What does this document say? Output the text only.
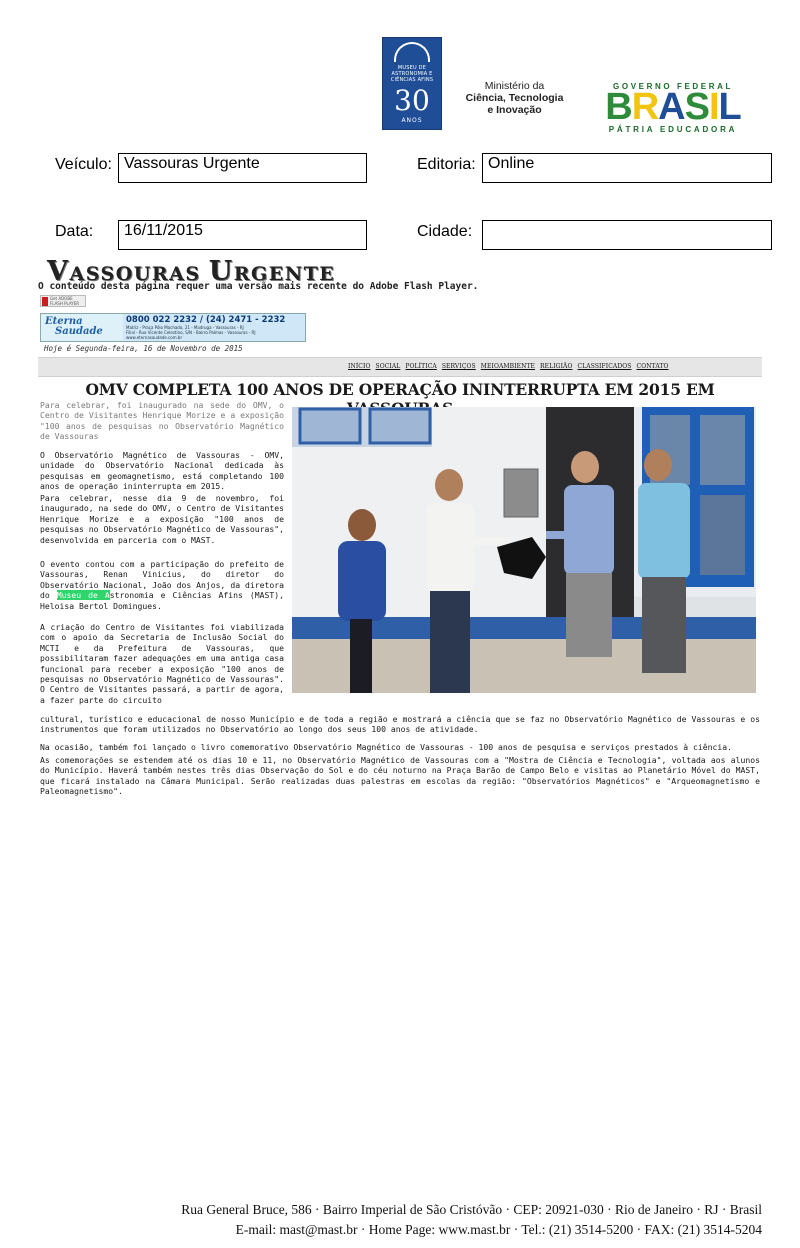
MUSEU DE ASTRONOMIA E CIÊNCIAS AFINS
30
ANOS
Ministério da
Ciência, Tecnologia
e Inovação
GOVERNO FEDERAL
BRASIL
PÁTRIA EDUCADORA
Veículo: Vassouras Urgente	Editoria: Online
Data:	16/11/2015	Cidade:
VASSOURAS URGENTE
O conteúdo desta página requer uma versão mais recente do Adobe Flash Player.
Get ADOBE FLASH PLAYER
Eterna
Saudade
0800 022 2232 / (24) 2471 - 2232
Matriz - Praça Pólo Machado, 21 - Madruga - Vassouras - RJ
Filial - Rua Vicente Celestino, S/N - Bairro Palmas - Vassouras - RJ
www.eternasaudade.com.br
Hoje é Segunda-feira, 16 de Novembro de 2015
INÍCIO SOCIAL POLÍTICA SERVIÇOS MEIOAMBIENTE RELIGIÃO CLASSIFICADOS CONTATO
OMV COMPLETA 100 ANOS DE OPERAÇÃO ININTERRUPTA EM 2015 EM
Para celebrar, foi inaugurado na sede do OMV, o Centro de Visitantes Henrique Morize e a exposição "100 anos de pesquisas no Observatório Magnético de Vassouras
O Observatório Magnético de Vassouras - OMV, unidade do Observatório Nacional dedicada às pesquisas em geomagnetismo, está completando 100 anos de operação ininterrupta em 2015.
Para celebrar, nesse dia 9 de novembro, foi inaugurado, na sede do OMV, o Centro de Visitantes Henrique Morize e a exposição "100 anos de pesquisas no Observatório Magnético de Vassouras", desenvolvida em parceria com o MAST.
O evento contou com a participação do prefeito de Vassouras, Renan Vinicius, do diretor do Observatório Nacional, João dos Anjos, da diretora do Museu de Astronomia e Ciências Afins (MAST), Heloisa Bertol Domingues.
A criação do Centro de Visitantes foi viabilizada com o apoio da Secretaria de Inclusão Social do MCTI e da Prefeitura de Vassouras, que possibilitaram fazer adequações em uma antiga casa funcional para receber a exposição "100 anos de pesquisas no Observatório Magnético de Vassouras". O Centro de Visitantes passará, a partir de agora, a fazer parte do circuito
cultural, turístico e educacional de nosso Município e de toda a região e mostrará a ciência que se faz no Observatório Magnético de Vassouras e os instrumentos que foram utilizados no Observatório ao longo dos seus 100 anos de atividade.
Na ocasião, também foi lançado o livro comemorativo Observatório Magnético de Vassouras - 100 anos de pesquisa e serviços prestados à ciência.
As comemorações se estendem até os dias 10 e 11, no Observatório Magnético de Vassouras com a "Mostra de Ciência e Tecnologia", voltada aos alunos do Município. Haverá também nestes três dias Observação do Sol e do céu noturno na Praça Barão de Campo Belo e visitas ao Planetário Móvel do MAST, que ficará instalado na Câmara Municipal. Serão realizadas duas palestras em escolas da região: "Observatórios Magnéticos" e "Arqueomagnetismo e Paleomagnetismo".
Rua General Bruce, 586 · Bairro Imperial de São Cristóvão · CEP: 20921-030 · Rio de Janeiro · RJ · Brasil
E-mail: mast@mast.br · Home Page: www.mast.br · Tel.: (21) 3514-5200 · FAX: (21) 3514-5204
